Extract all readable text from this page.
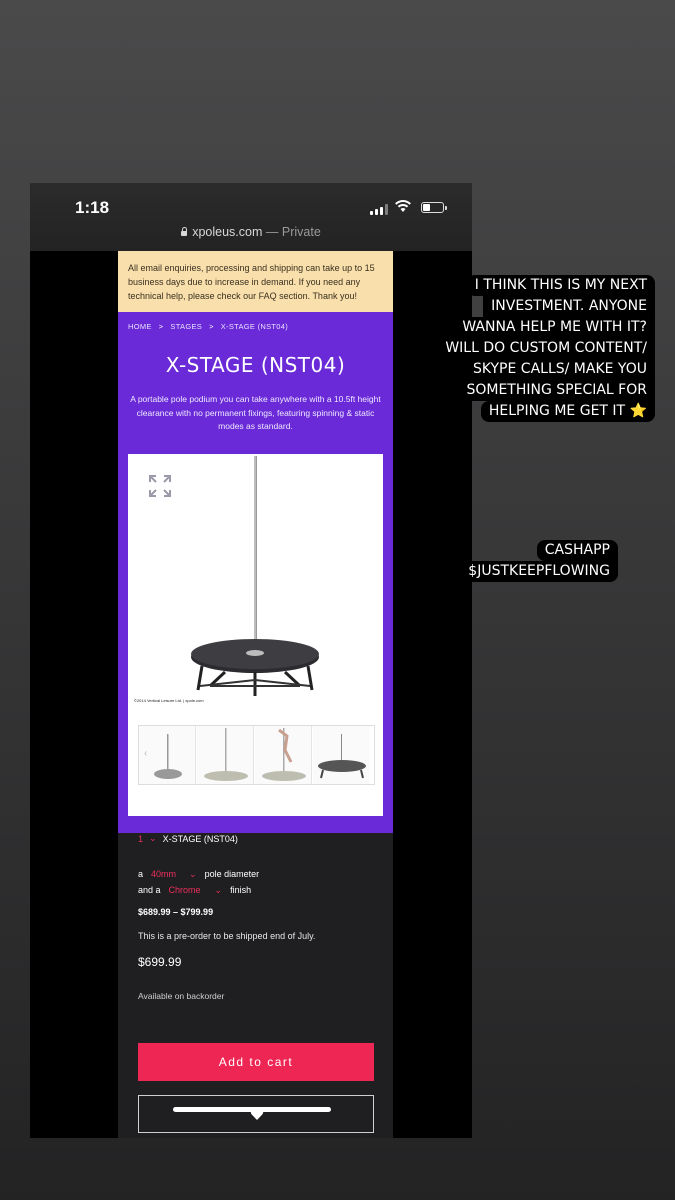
1:18
xpoleus.com — Private
All email enquiries, processing and shipping can take up to 15 business days due to increase in demand. If you need any technical help, please check our FAQ section. Thank you!
HOME > STAGES > X-STAGE (NST04)
X-STAGE (NST04)
A portable pole podium you can take anywhere with a 10.5ft height clearance with no permanent fixings, featuring spinning & static modes as standard.
©2014 Vertical Leisure Ltd. | xpole.com
‹
1 ⌄ X-STAGE (NST04)
a 40mm	⌄ pole diameter
and a Chrome	⌄ finish
$689.99 – $799.99
This is a pre-order to be shipped end of July.
$699.99
Available on backorder
Add to cart
I THINK THIS IS MY NEXT
INVESTMENT. ANYONE
WANNA HELP ME WITH IT?
WILL DO CUSTOM CONTENT/
SKYPE CALLS/ MAKE YOU
SOMETHING SPECIAL FOR
HELPING ME GET IT ⭐
CASHAPP
$JUSTKEEPFLOWING
